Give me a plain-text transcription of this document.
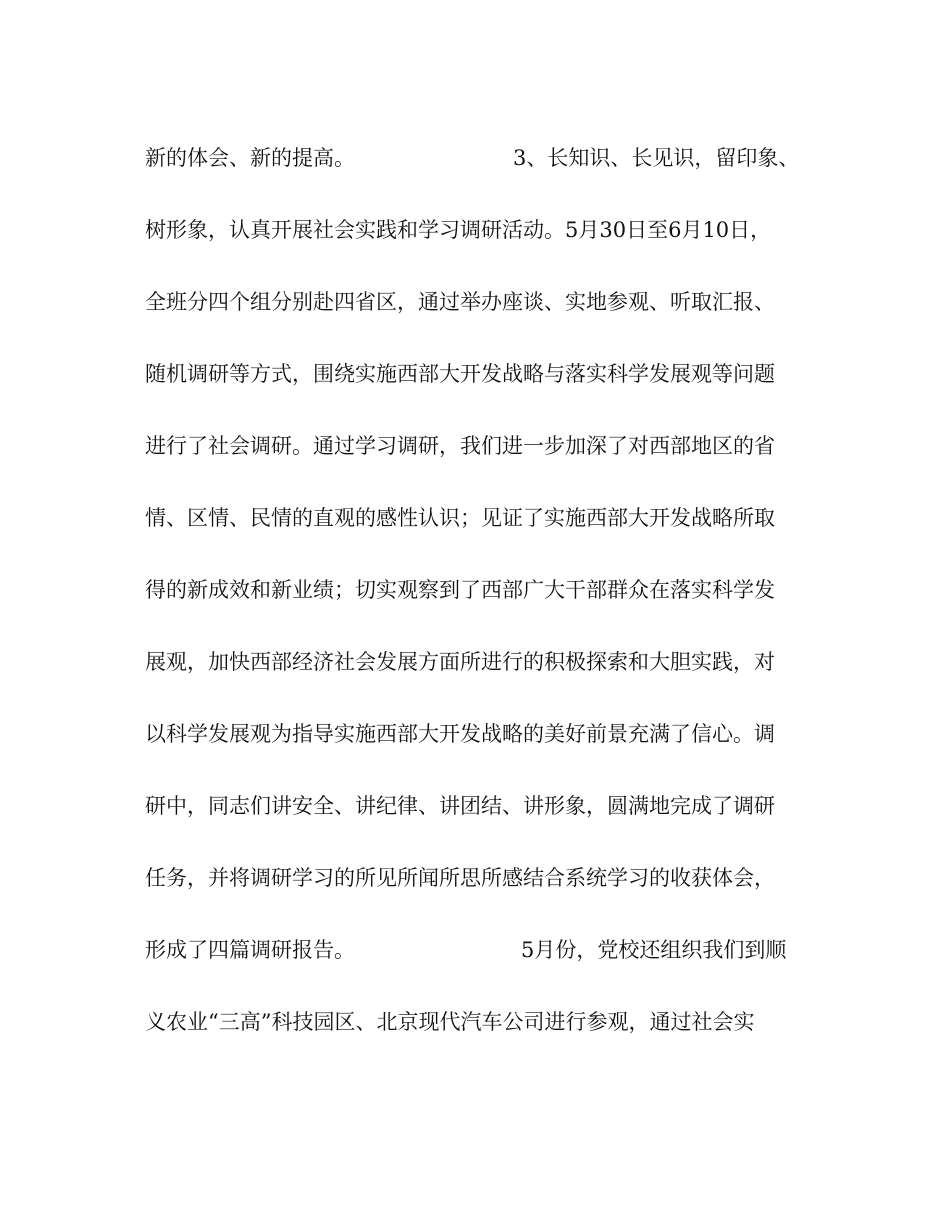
新的体会、新的提高。	3、长知识、长见识，留印象、
树形象，认真开展社会实践和学习调研活动。5月30日至6月10日，
全班分四个组分别赴四省区，通过举办座谈、实地参观、听取汇报、
随机调研等方式，围绕实施西部大开发战略与落实科学发展观等问题
进行了社会调研。通过学习调研，我们进一步加深了对西部地区的省
情、区情、民情的直观的感性认识；见证了实施西部大开发战略所取
得的新成效和新业绩；切实观察到了西部广大干部群众在落实科学发
展观，加快西部经济社会发展方面所进行的积极探索和大胆实践，对
以科学发展观为指导实施西部大开发战略的美好前景充满了信心。调
研中，同志们讲安全、讲纪律、讲团结、讲形象，圆满地完成了调研
任务，并将调研学习的所见所闻所思所感结合系统学习的收获体会，
形成了四篇调研报告。	5月份，党校还组织我们到顺
义农业“三高”科技园区、北京现代汽车公司进行参观，通过社会实
